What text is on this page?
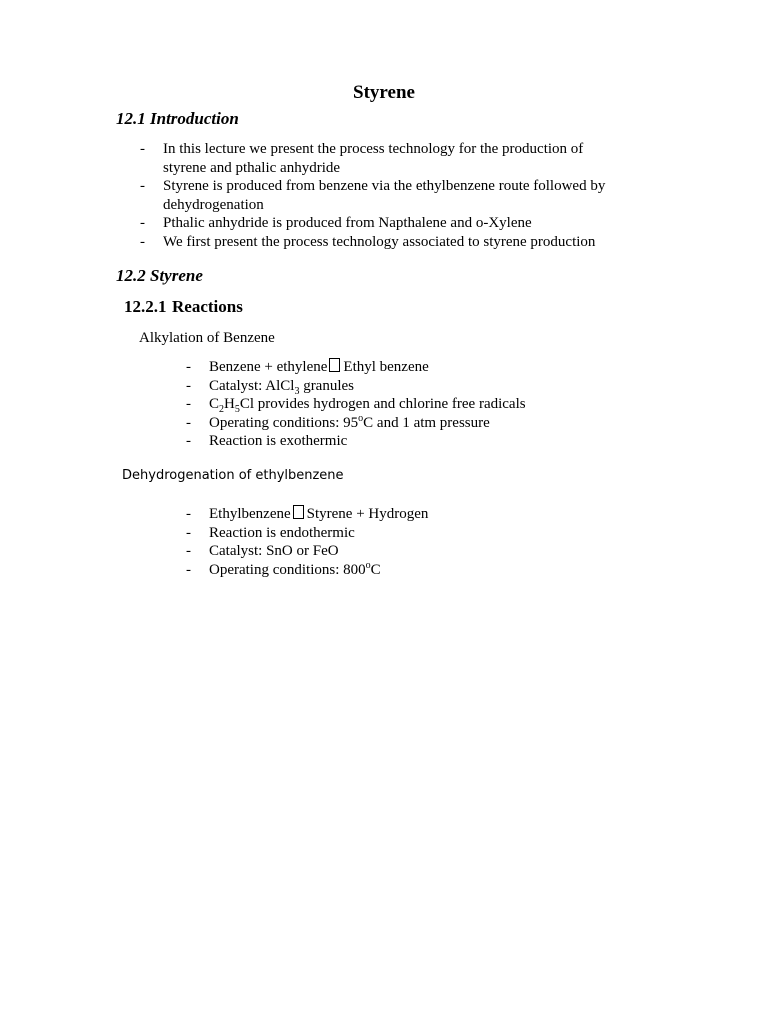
Styrene
12.1 Introduction
- In this lecture we present the process technology for the production of styrene and pthalic anhydride
- Styrene is produced from benzene via the ethylbenzene route followed by dehydrogenation
- Pthalic anhydride is produced from Napthalene and o-Xylene
- We first present the process technology associated to styrene production
12.2 Styrene
12.2.1 Reactions
Alkylation of Benzene
- Benzene + ethylene Ethyl benzene
- Catalyst: AlCl$_3$ granules
- $C_2H_5Cl$ provides hydrogen and chlorine free radicals
- Operating conditions: 95$^o$C and 1 atm pressure
- Reaction is exothermic
Dehydrogenation of ethylbenzene
- Ethylbenzene Styrene + Hydrogen
- Reaction is endothermic
- Catalyst: SnO or FeO
- Operating conditions: 800$^o$C
